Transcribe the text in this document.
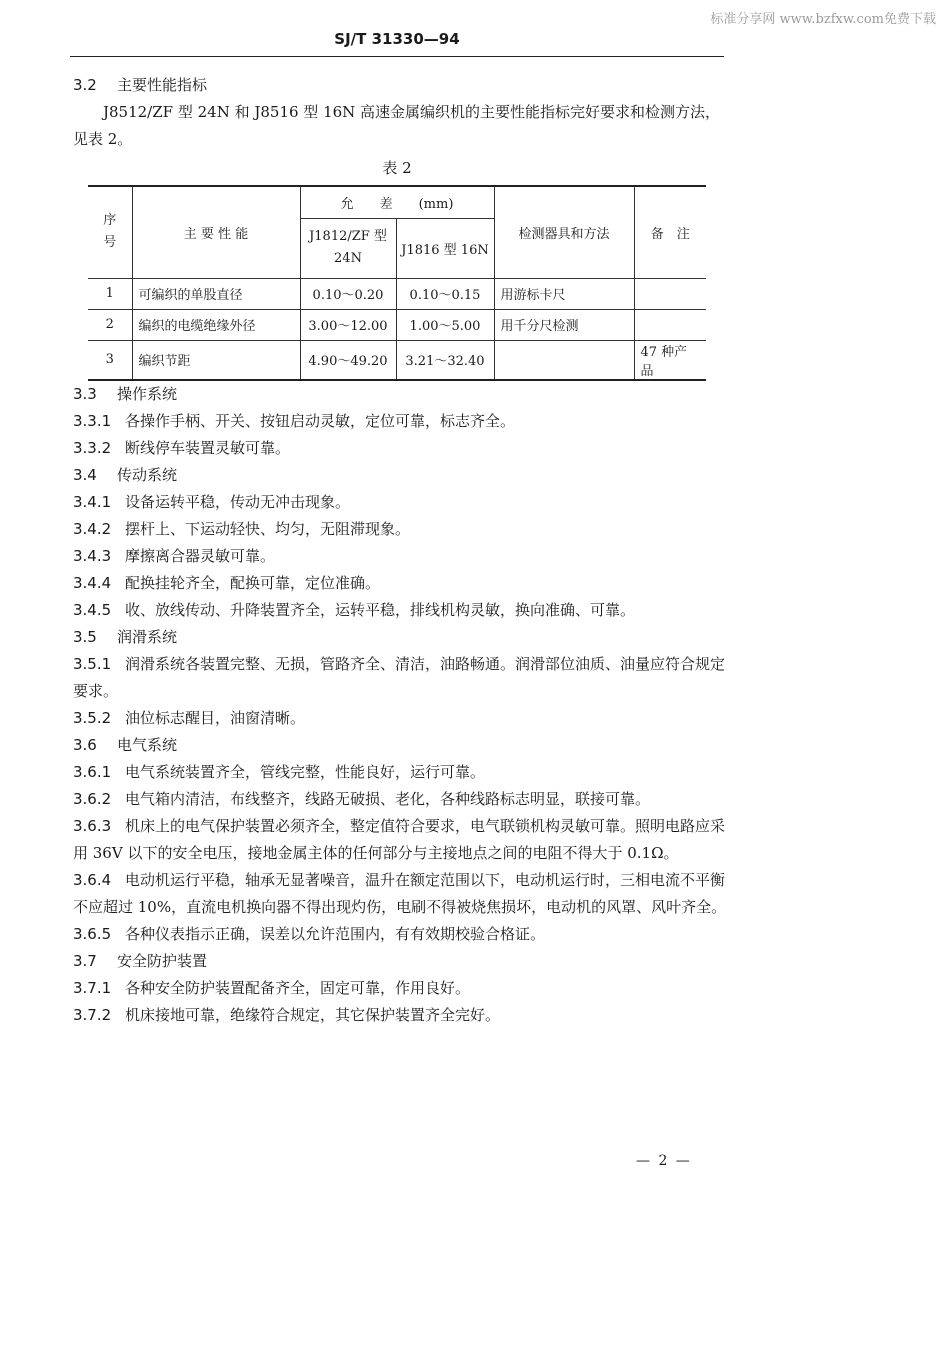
标准分享网 www.bzfxw.com免费下载
SJ/T 31330—94

3.2 主要性能指标

J8512/ZF 型 24N 和 J8516 型 16N 高速金属编织机的主要性能指标完好要求和检测方法，见表 2。

表 2
序号	主 要 性 能	允　　差　　(mm)		检测器具和方法	备　注
		J1812/ZF 型 24N	J1816 型 16N		
1	可编织的单股直径	0.10～0.20	0.10～0.15	用游标卡尺	
2	编织的电缆绝缘外径	3.00～12.00	1.00～5.00	用千分尺检测	
3	编织节距	4.90～49.20	3.21～32.40		47 种产品

3.3 操作系统

3.3.1 各操作手柄、开关、按钮启动灵敏，定位可靠，标志齐全。

3.3.2 断线停车装置灵敏可靠。

3.4 传动系统

3.4.1 设备运转平稳，传动无冲击现象。

3.4.2 摆杆上、下运动轻快、均匀，无阻滞现象。

3.4.3 摩擦离合器灵敏可靠。

3.4.4 配换挂轮齐全，配换可靠，定位准确。

3.4.5 收、放线传动、升降装置齐全，运转平稳，排线机构灵敏，换向准确、可靠。

3.5 润滑系统

3.5.1 润滑系统各装置完整、无损，管路齐全、清洁，油路畅通。润滑部位油质、油量应符合规定要求。

3.5.2 油位标志醒目，油窗清晰。

3.6 电气系统

3.6.1 电气系统装置齐全，管线完整，性能良好，运行可靠。

3.6.2 电气箱内清洁，布线整齐，线路无破损、老化，各种线路标志明显，联接可靠。

3.6.3 机床上的电气保护装置必须齐全，整定值符合要求，电气联锁机构灵敏可靠。照明电路应采用 36V 以下的安全电压，接地金属主体的任何部分与主接地点之间的电阻不得大于 0.1Ω。

3.6.4 电动机运行平稳，轴承无显著噪音，温升在额定范围以下，电动机运行时，三相电流不平衡不应超过 10%，直流电机换向器不得出现灼伤，电刷不得被烧焦损坏，电动机的风罩、风叶齐全。

3.6.5 各种仪表指示正确，误差以允许范围内，有有效期校验合格证。

3.7 安全防护装置

3.7.1 各种安全防护装置配备齐全，固定可靠，作用良好。

3.7.2 机床接地可靠，绝缘符合规定，其它保护装置齐全完好。

— 2 —
